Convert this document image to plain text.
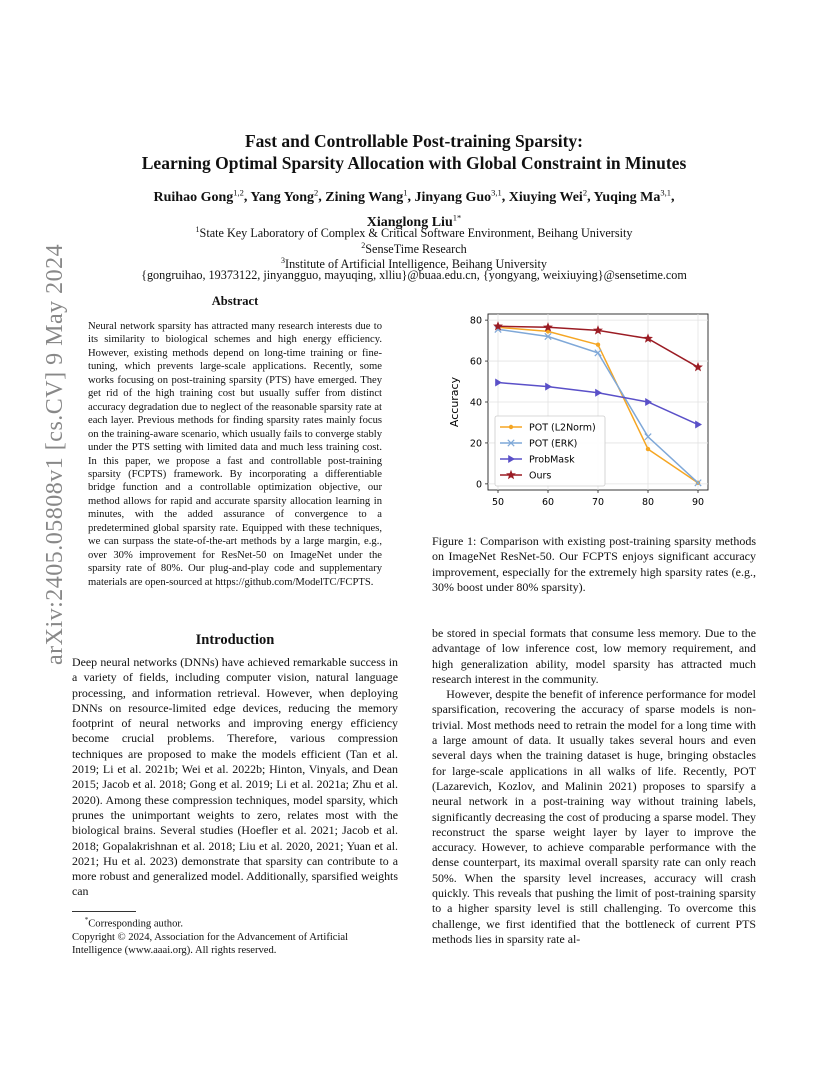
arXiv:2405.05808v1 [cs.CV] 9 May 2024
Fast and Controllable Post-training Sparsity:
Learning Optimal Sparsity Allocation with Global Constraint in Minutes
Ruihao Gong$^{1,2}$, Yang Yong$^2$, Zining Wang$^1$, Jinyang Guo$^{3,1}$, Xiuying Wei$^2$, Yuqing Ma$^{3,1}$,
Xianglong Liu$^{1*}$
$^1$State Key Laboratory of Complex & Critical Software Environment, Beihang University
$^2$SenseTime Research
$^3$Institute of Artificial Intelligence, Beihang University
{gongruihao, 19373122, jinyangguo, mayuqing, xlliu}@buaa.edu.cn, {yongyang, weixiuying}@sensetime.com
Abstract
Neural network sparsity has attracted many research interests due to its similarity to biological schemes and high energy efficiency. However, existing methods depend on long-time training or fine-tuning, which prevents large-scale applications. Recently, some works focusing on post-training sparsity (PTS) have emerged. They get rid of the high training cost but usually suffer from distinct accuracy degradation due to neglect of the reasonable sparsity rate at each layer. Previous methods for finding sparsity rates mainly focus on the training-aware scenario, which usually fails to converge stably under the PTS setting with limited data and much less training cost. In this paper, we propose a fast and controllable post-training sparsity (FCPTS) framework. By incorporating a differentiable bridge function and a controllable optimization objective, our method allows for rapid and accurate sparsity allocation learning in minutes, with the added assurance of convergence to a predetermined global sparsity rate. Equipped with these techniques, we can surpass the state-of-the-art methods by a large margin, e.g., over 30% improvement for ResNet-50 on ImageNet under the sparsity rate of 80%. Our plug-and-play code and supplementary materials are open-sourced at https://github.com/ModelTC/FCPTS.
50	60	70	80	90
0
20
40
60
80
Accuracy
POT (L2Norm)
POT (ERK)
ProbMask
Ours
Figure 1: Comparison with existing post-training sparsity methods on ImageNet ResNet-50. Our FCPTS enjoys significant accuracy improvement, especially for the extremely high sparsity rates (e.g., 30% boost under 80% sparsity).
Introduction

Deep neural networks (DNNs) have achieved remarkable success in a variety of fields, including computer vision, natural language processing, and information retrieval. However, when deploying DNNs on resource-limited edge devices, reducing the memory footprint of neural networks and improving energy efficiency become crucial problems. Therefore, various compression techniques are proposed to make the models efficient (Tan et al. 2019; Li et al. 2021b; Wei et al. 2022b; Hinton, Vinyals, and Dean 2015; Jacob et al. 2018; Gong et al. 2019; Li et al. 2021a; Zhu et al. 2020). Among these compression techniques, model sparsity, which prunes the unimportant weights to zero, relates most with the biological brains. Several studies (Hoefler et al. 2021; Jacob et al. 2018; Gopalakrishnan et al. 2018; Liu et al. 2020, 2021; Yuan et al. 2021; Hu et al. 2023) demonstrate that sparsity can contribute to a more robust and generalized model. Additionally, sparsified weights can

*Corresponding author.
Copyright © 2024, Association for the Advancement of Artificial Intelligence (www.aaai.org). All rights reserved.

be stored in special formats that consume less memory. Due to the advantage of low inference cost, low memory requirement, and high generalization ability, model sparsity has attracted much research interest in the community.

However, despite the benefit of inference performance for model sparsification, recovering the accuracy of sparse models is non-trivial. Most methods need to retrain the model for a long time with a large amount of data. It usually takes several hours and even several days when the training dataset is huge, bringing obstacles for large-scale applications in all walks of life. Recently, POT (Lazarevich, Kozlov, and Malinin 2021) proposes to sparsify a neural network in a post-training way without training labels, significantly decreasing the cost of producing a sparse model. They reconstruct the sparse weight layer by layer to improve the accuracy. However, to achieve comparable performance with the dense counterpart, its maximal overall sparsity rate can only reach 50%. When the sparsity level increases, accuracy will crash quickly. This reveals that pushing the limit of post-training sparsity to a higher sparsity level is still challenging. To overcome this challenge, we first identified that the bottleneck of current PTS methods lies in sparsity rate al-
